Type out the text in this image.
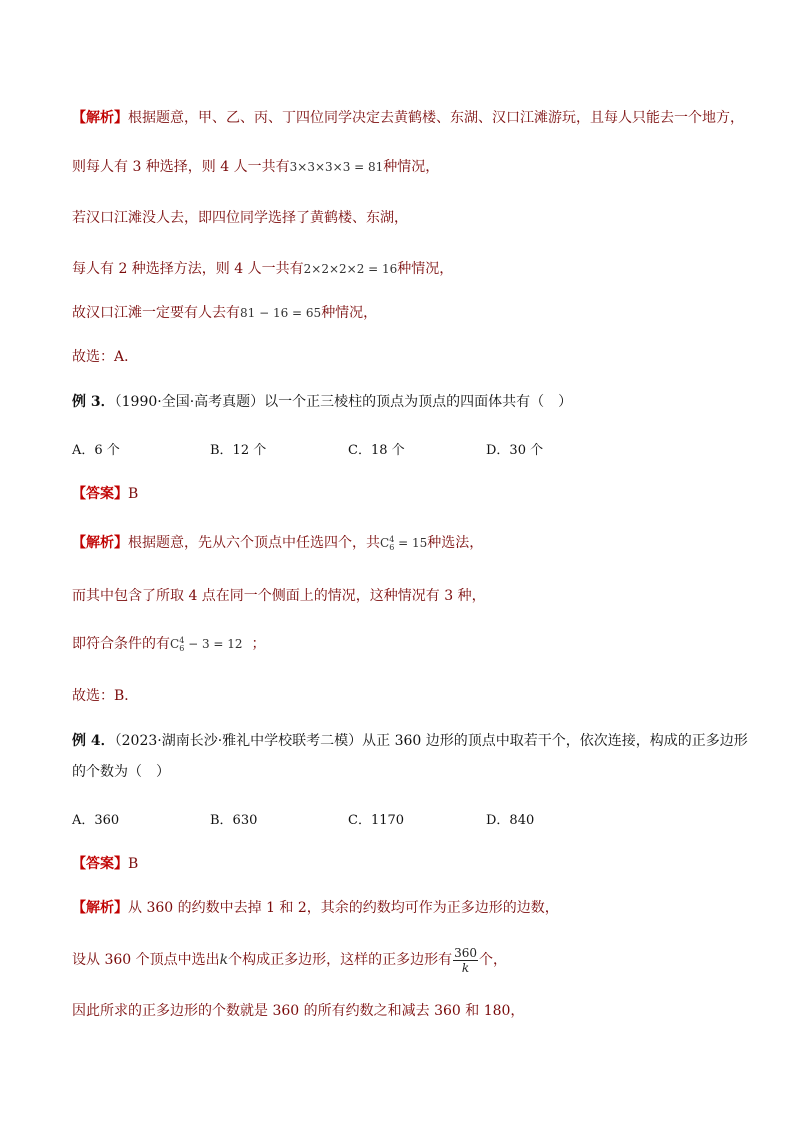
【解析】根据题意，甲、乙、丙、丁四位同学决定去黄鹤楼、东湖、汉口江滩游玩，且每人只能去一个地方，
则每人有 3 种选择，则 4 人一共有3×3×3×3 = 81种情况，
若汉口江滩没人去，即四位同学选择了黄鹤楼、东湖，
每人有 2 种选择方法，则 4 人一共有2×2×2×2 = 16种情况，
故汉口江滩一定要有人去有81 − 16 = 65种情况，
故选：A．
例 3．（1990·全国·高考真题）以一个正三棱柱的顶点为顶点的四面体共有（　）
A．6 个	B．12 个	C．18 个	D．30 个
【答案】B
【解析】根据题意，先从六个顶点中任选四个，共C 4
6 = 15种选法，
而其中包含了所取 4 点在同一个侧面上的情况，这种情况有 3 种，
即符合条件的有C 4
6 − 3 = 12 ；
故选：B．
例 4．（2023·湖南长沙·雅礼中学校联考二模）从正 360 边形的顶点中取若干个，依次连接，构成的正多边形
的个数为（　）
A．360	B．630	C．1170	D．840
【答案】B
【解析】从 360 的约数中去掉 1 和 2，其余的约数均可作为正多边形的边数，
设从 360 个顶点中选出k个构成正多边形，这样的正多边形有 $\frac{360}{k}$ 个，
因此所求的正多边形的个数就是 360 的所有约数之和减去 360 和 180，
